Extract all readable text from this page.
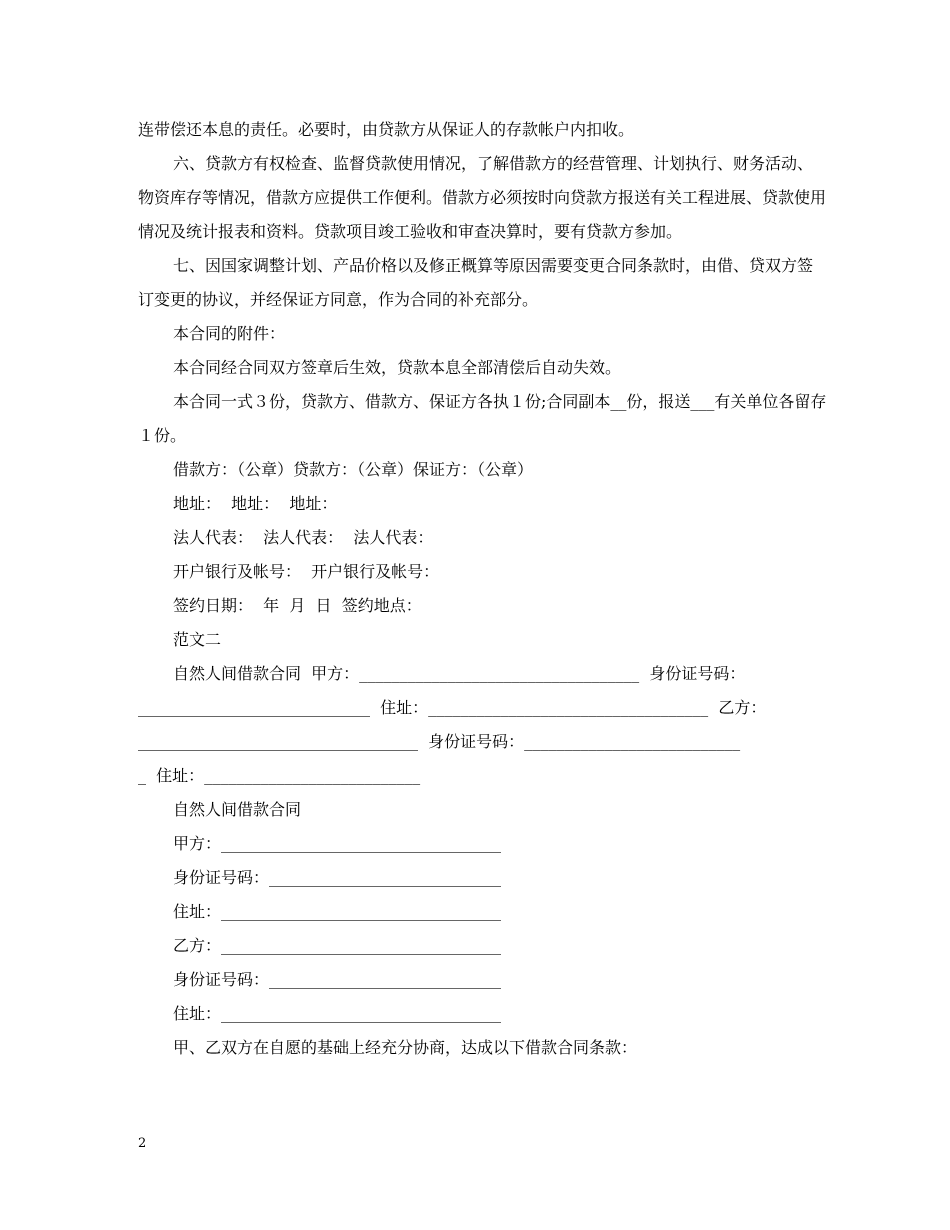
连带偿还本息的责任。必要时，由贷款方从保证人的存款帐户内扣收。

六、贷款方有权检查、监督贷款使用情况，了解借款方的经营管理、计划执行、财务活动、物资库存等情况，借款方应提供工作便利。借款方必须按时向贷款方报送有关工程进展、贷款使用情况及统计报表和资料。贷款项目竣工验收和审查决算时，要有贷款方参加。

七、因国家调整计划、产品价格以及修正概算等原因需要变更合同条款时，由借、贷双方签订变更的协议，并经保证方同意，作为合同的补充部分。

本合同的附件：

本合同经合同双方签章后生效，贷款本息全部清偿后自动失效。

本合同一式３份，贷款方、借款方、保证方各执１份;合同副本__份，报送___有关单位各留存１份。

借款方：（公章）贷款方：（公章）保证方：（公章）

地址：  地址：  地址：

法人代表：  法人代表：  法人代表：

开户银行及帐号：  开户银行及帐号：

签约日期：  年  月  日  签约地点：

范文二

自然人间借款合同  甲方：___________________________________  身份证号码：
_____________________________  住址：___________________________________  乙方：
___________________________________  身份证号码：___________________________
_  住址：___________________________
自然人间借款合同
甲方：___________________________________
身份证号码：_____________________________
住址：___________________________________
乙方：___________________________________
身份证号码：_____________________________
住址：___________________________________
甲、乙双方在自愿的基础上经充分协商，达成以下借款合同条款：
2
